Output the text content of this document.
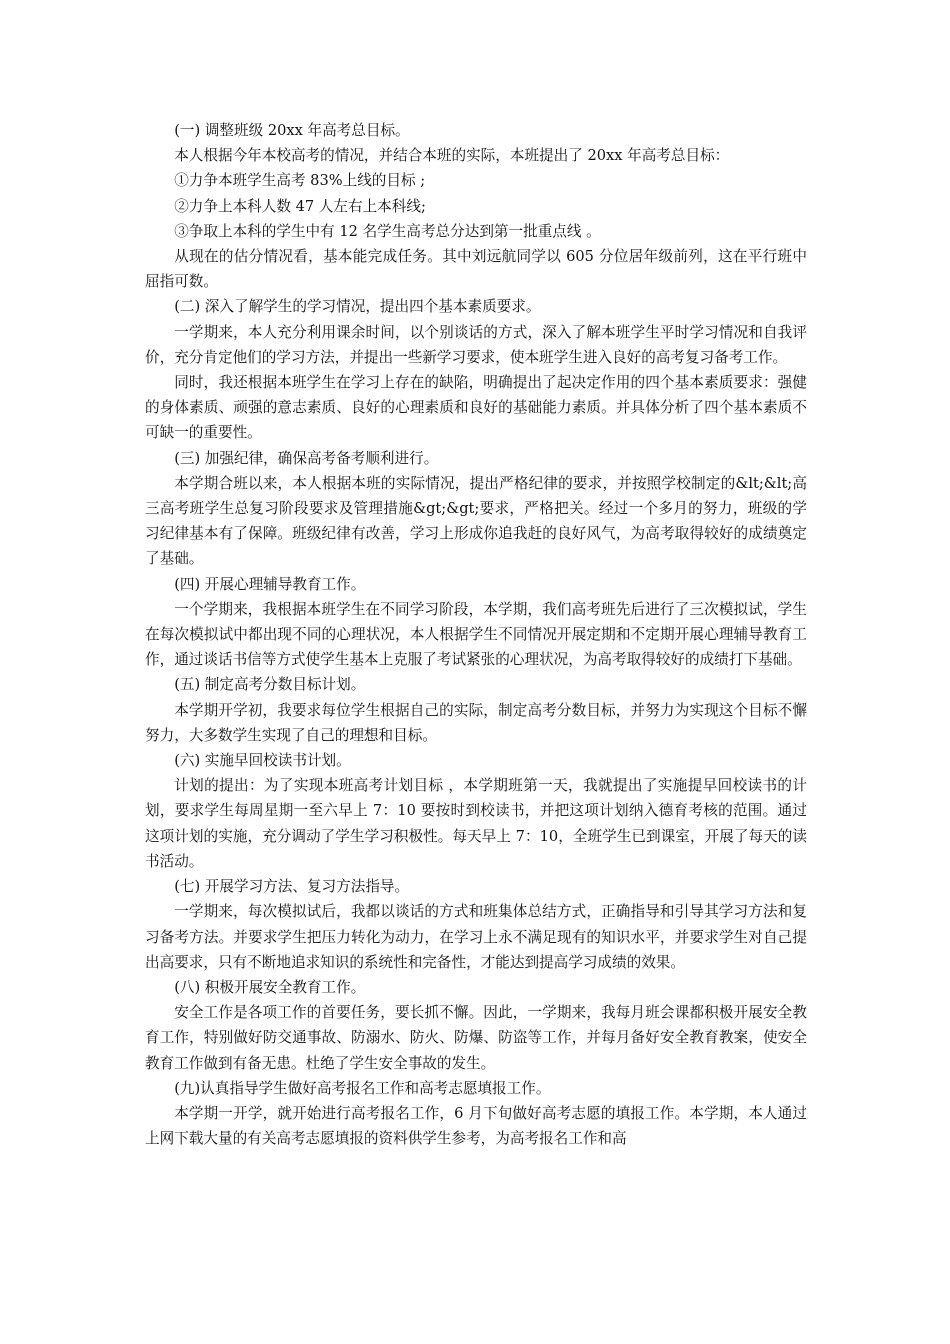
(一) 调整班级 20xx 年高考总目标。

本人根据今年本校高考的情况，并结合本班的实际，本班提出了 20xx 年高考总目标：

①力争本班学生高考 83%上线的目标 ;

②力争上本科人数 47 人左右上本科线;

③争取上本科的学生中有 12 名学生高考总分达到第一批重点线 。

从现在的估分情况看，基本能完成任务。其中刘远航同学以 605 分位居年级前列，这在平行班中屈指可数。

(二) 深入了解学生的学习情况，提出四个基本素质要求。

一学期来，本人充分利用课余时间，以个别谈话的方式，深入了解本班学生平时学习情况和自我评价，充分肯定他们的学习方法，并提出一些新学习要求，使本班学生进入良好的高考复习备考工作。

同时，我还根据本班学生在学习上存在的缺陷，明确提出了起决定作用的四个基本素质要求：强健的身体素质、顽强的意志素质、良好的心理素质和良好的基础能力素质。并具体分析了四个基本素质不可缺一的重要性。

(三) 加强纪律，确保高考备考顺利进行。

本学期合班以来，本人根据本班的实际情况，提出严格纪律的要求，并按照学校制定的&lt;&lt;高三高考班学生总复习阶段要求及管理措施&gt;&gt;要求，严格把关。经过一个多月的努力，班级的学习纪律基本有了保障。班级纪律有改善，学习上形成你追我赶的良好风气，为高考取得较好的成绩奠定了基础。

(四) 开展心理辅导教育工作。

一个学期来，我根据本班学生在不同学习阶段，本学期，我们高考班先后进行了三次模拟试，学生在每次模拟试中都出现不同的心理状况，本人根据学生不同情况开展定期和不定期开展心理辅导教育工作，通过谈话书信等方式使学生基本上克服了考试紧张的心理状况，为高考取得较好的成绩打下基础。

(五) 制定高考分数目标计划。

本学期开学初，我要求每位学生根据自己的实际，制定高考分数目标，并努力为实现这个目标不懈努力，大多数学生实现了自己的理想和目标。

(六) 实施早回校读书计划。

计划的提出：为了实现本班高考计划目标 ，本学期班第一天，我就提出了实施提早回校读书的计划，要求学生每周星期一至六早上 7：10 要按时到校读书，并把这项计划纳入德育考核的范围。通过这项计划的实施，充分调动了学生学习积极性。每天早上 7：10，全班学生已到课室，开展了每天的读书活动。

(七) 开展学习方法、复习方法指导。

一学期来，每次模拟试后，我都以谈话的方式和班集体总结方式，正确指导和引导其学习方法和复习备考方法。并要求学生把压力转化为动力，在学习上永不满足现有的知识水平，并要求学生对自己提出高要求，只有不断地追求知识的系统性和完备性，才能达到提高学习成绩的效果。

(八) 积极开展安全教育工作。

安全工作是各项工作的首要任务，要长抓不懈。因此，一学期来，我每月班会课都积极开展安全教育工作，特别做好防交通事故、防溺水、防火、防爆、防盗等工作，并每月备好安全教育教案，使安全教育工作做到有备无患。杜绝了学生安全事故的发生。

(九)认真指导学生做好高考报名工作和高考志愿填报工作。

本学期一开学，就开始进行高考报名工作，6 月下旬做好高考志愿的填报工作。本学期，本人通过上网下载大量的有关高考志愿填报的资料供学生参考，为高考报名工作和高
